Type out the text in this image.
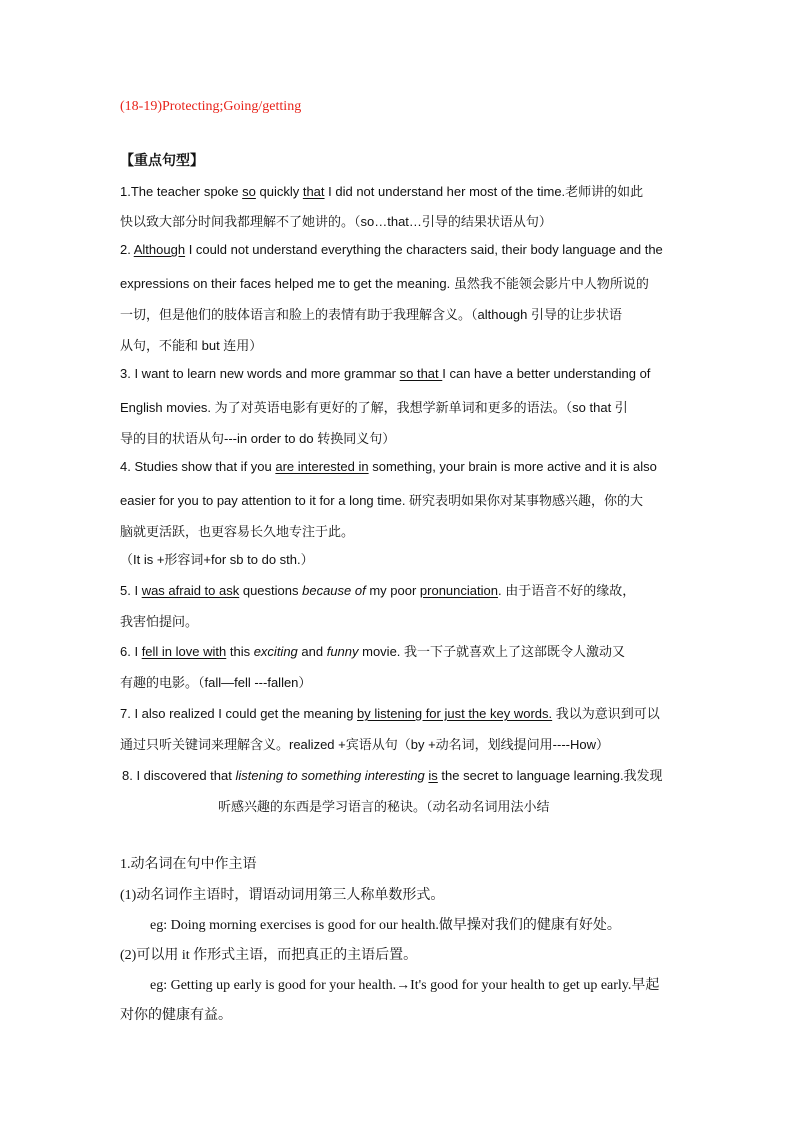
(18-19)Protecting;Going/getting
【重点句型】
1.The teacher spoke so quickly that I did not understand her most of the time.老师讲的如此
快以致大部分时间我都理解不了她讲的。（so…that…引导的结果状语从句）
2. Although I could not understand everything the characters said, their body language and the
expressions on their faces helped me to get the meaning. 虽然我不能领会影片中人物所说的
一切，但是他们的肢体语言和脸上的表情有助于我理解含义。（although 引导的让步状语
从句，不能和 but 连用）
3. I want to learn new words and more grammar so that I can have a better understanding of
English movies. 为了对英语电影有更好的了解，我想学新单词和更多的语法。（so that 引
导的目的状语从句---in order to do 转换同义句）
4. Studies show that if you are interested in something, your brain is more active and it is also
easier for you to pay attention to it for a long time. 研究表明如果你对某事物感兴趣，你的大
脑就更活跃，也更容易长久地专注于此。
（It is +形容词+for sb to do sth.）
5. I was afraid to ask questions because of my poor pronunciation. 由于语音不好的缘故，
我害怕提问。
6. I fell in love with this exciting and funny movie. 我一下子就喜欢上了这部既令人激动又
有趣的电影。（fall—fell ---fallen）
7. I also realized I could get the meaning by listening for just the key words. 我以为意识到可以
通过只听关键词来理解含义。realized +宾语从句（by +动名词，划线提问用----How）
8. I discovered that listening to something interesting is the secret to language learning.我发现
听感兴趣的东西是学习语言的秘诀。（动名动名词用法小结
1.动名词在句中作主语
(1)动名词作主语时，谓语动词用第三人称单数形式。
eg: Doing morning exercises is good for our health.做早操对我们的健康有好处。
(2)可以用 it 作形式主语，而把真正的主语后置。
eg: Getting up early is good for your health.→It's good for your health to get up early.早起
对你的健康有益。
